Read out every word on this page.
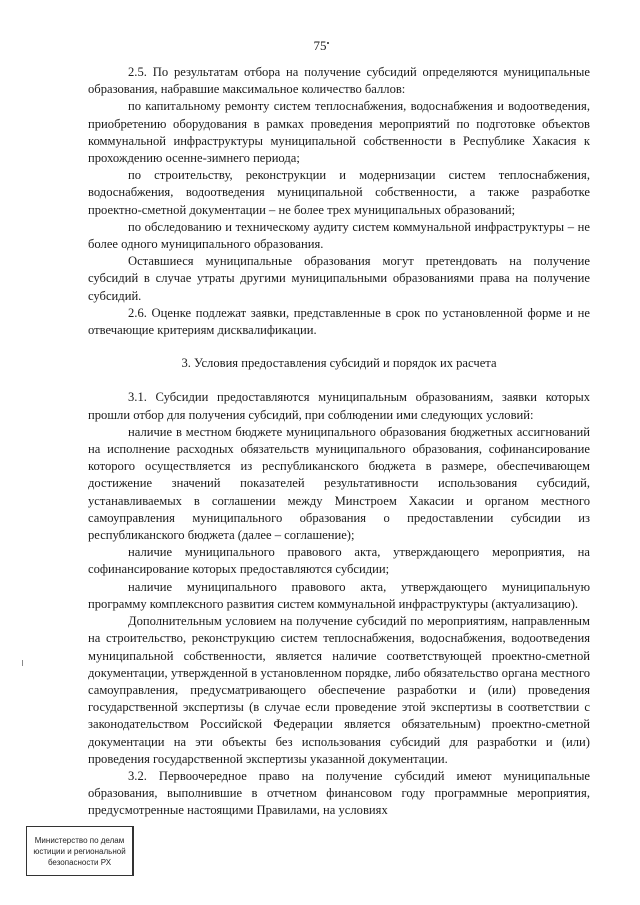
75

2.5. По результатам отбора на получение субсидий определяются муниципальные образования, набравшие максимальное количество баллов:

по капитальному ремонту систем теплоснабжения, водоснабжения и водоотведения, приобретению оборудования в рамках проведения мероприятий по подготовке объектов коммунальной инфраструктуры муниципальной собственности в Республике Хакасия к прохождению осенне-зимнего периода;

по строительству, реконструкции и модернизации систем теплоснабжения, водоснабжения, водоотведения муниципальной собственности, а также разработке проектно-сметной документации – не более трех муниципальных образований;

по обследованию и техническому аудиту систем коммунальной инфраструктуры – не более одного муниципального образования.

Оставшиеся муниципальные образования могут претендовать на получение субсидий в случае утраты другими муниципальными образованиями права на получение субсидий.

2.6. Оценке подлежат заявки, представленные в срок по установленной форме и не отвечающие критериям дисквалификации.

3. Условия предоставления субсидий и порядок их расчета

3.1. Субсидии предоставляются муниципальным образованиям, заявки которых прошли отбор для получения субсидий, при соблюдении ими следующих условий:

наличие в местном бюджете муниципального образования бюджетных ассигнований на исполнение расходных обязательств муниципального образования, софинансирование которого осуществляется из республиканского бюджета в размере, обеспечивающем достижение значений показателей результативности использования субсидий, устанавливаемых в соглашении между Минстроем Хакасии и органом местного самоуправления муниципального образования о предоставлении субсидии из республиканского бюджета (далее – соглашение);

наличие муниципального правового акта, утверждающего мероприятия, на софинансирование которых предоставляются субсидии;

наличие муниципального правового акта, утверждающего муниципальную программу комплексного развития систем коммунальной инфраструктуры (актуализацию).

Дополнительным условием на получение субсидий по мероприятиям, направленным на строительство, реконструкцию систем теплоснабжения, водоснабжения, водоотведения муниципальной собственности, является наличие соответствующей проектно-сметной документации, утвержденной в установленном порядке, либо обязательство органа местного самоуправления, предусматривающего обеспечение разработки и (или) проведения государственной экспертизы (в случае если проведение этой экспертизы в соответствии с законодательством Российской Федерации является обязательным) проектно-сметной документации на эти объекты без использования субсидий для разработки и (или) проведения государственной экспертизы указанной документации.

3.2. Первоочередное право на получение субсидий имеют муниципальные образования, выполнившие в отчетном финансовом году программные мероприятия, предусмотренные настоящими Правилами, на условиях

Министерство по делам
юстиции и региональной
безопасности РХ
